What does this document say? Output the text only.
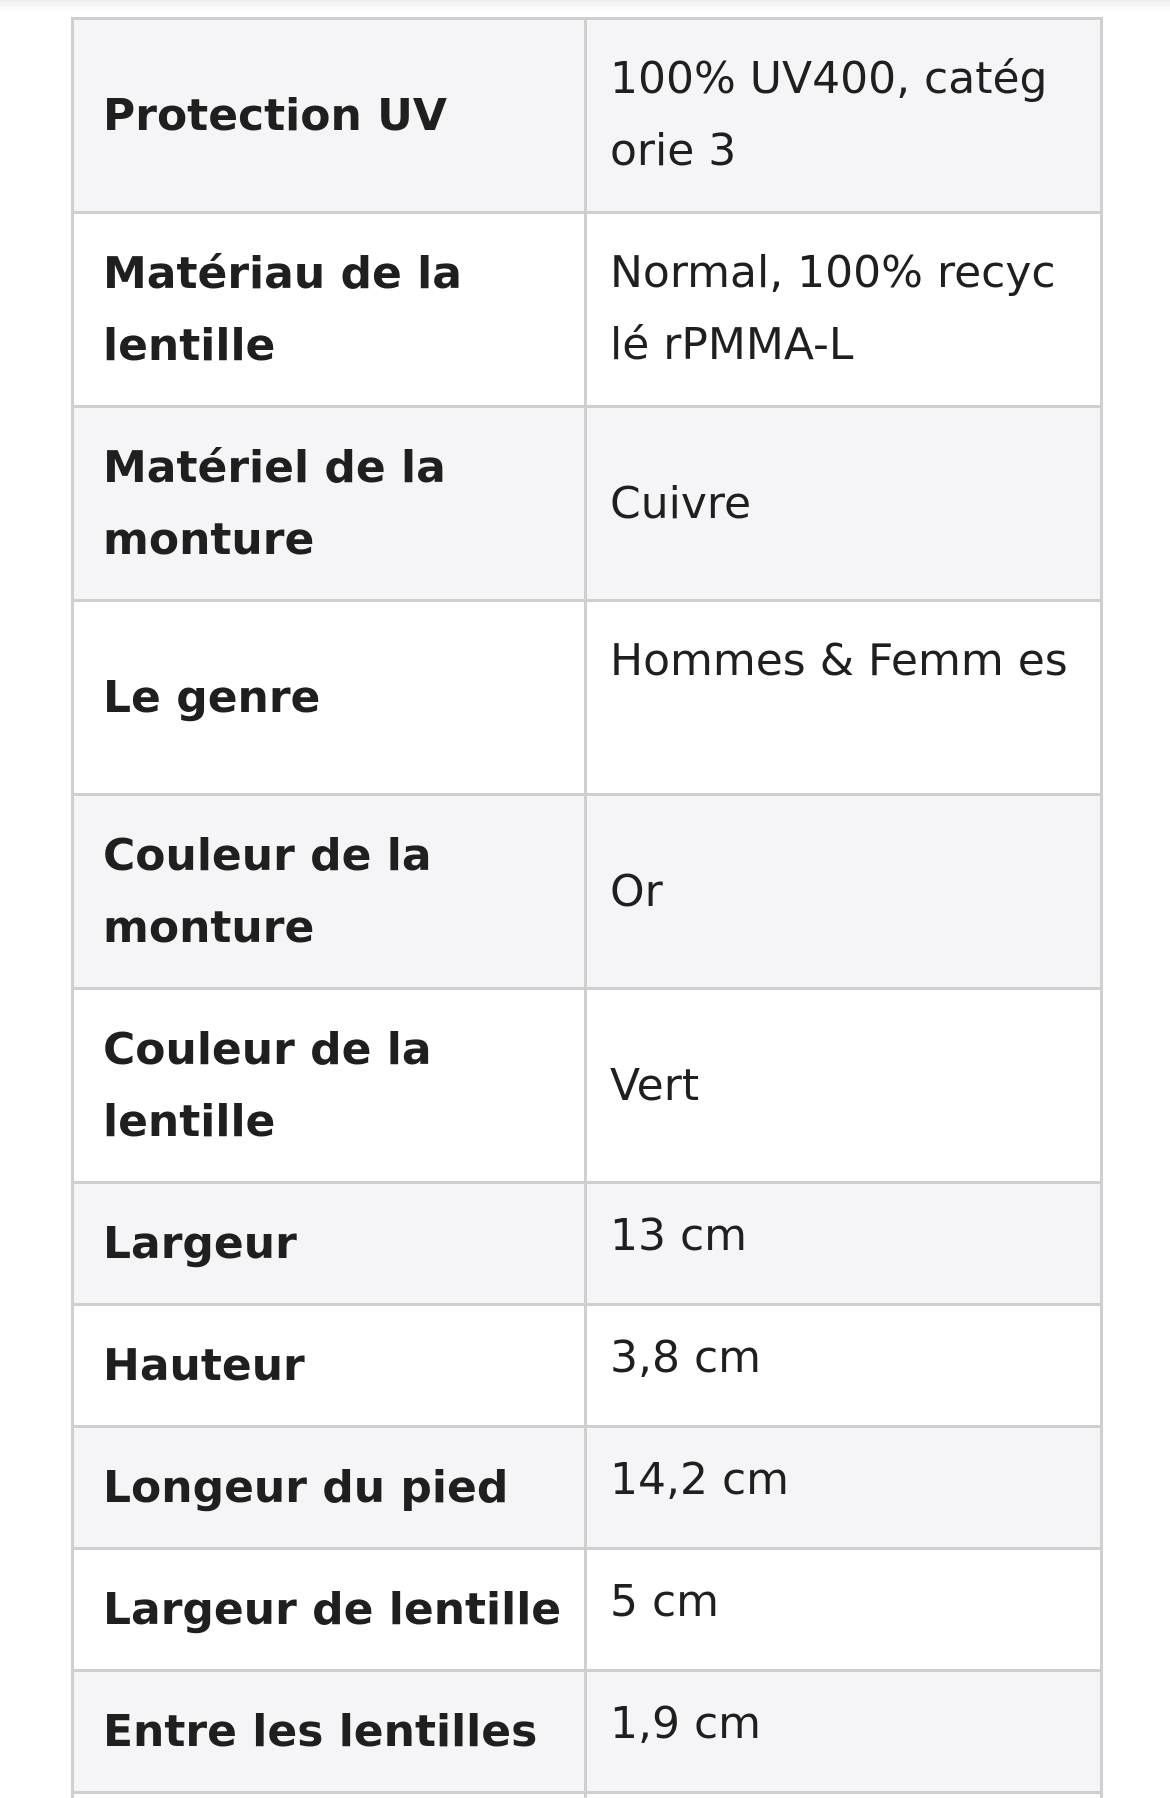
Protection UV	100% UV400, catég orie 3
Matériau de la lentille	Normal, 100% recyc lé rPMMA-L
Matériel de la monture	Cuivre
Le genre	Hommes & Femm es
Couleur de la monture	Or
Couleur de la lentille	Vert
Largeur	13 cm
Hauteur	3,8 cm
Longeur du pied	14,2 cm
Largeur de lentille	5 cm
Entre les lentilles	1,9 cm
